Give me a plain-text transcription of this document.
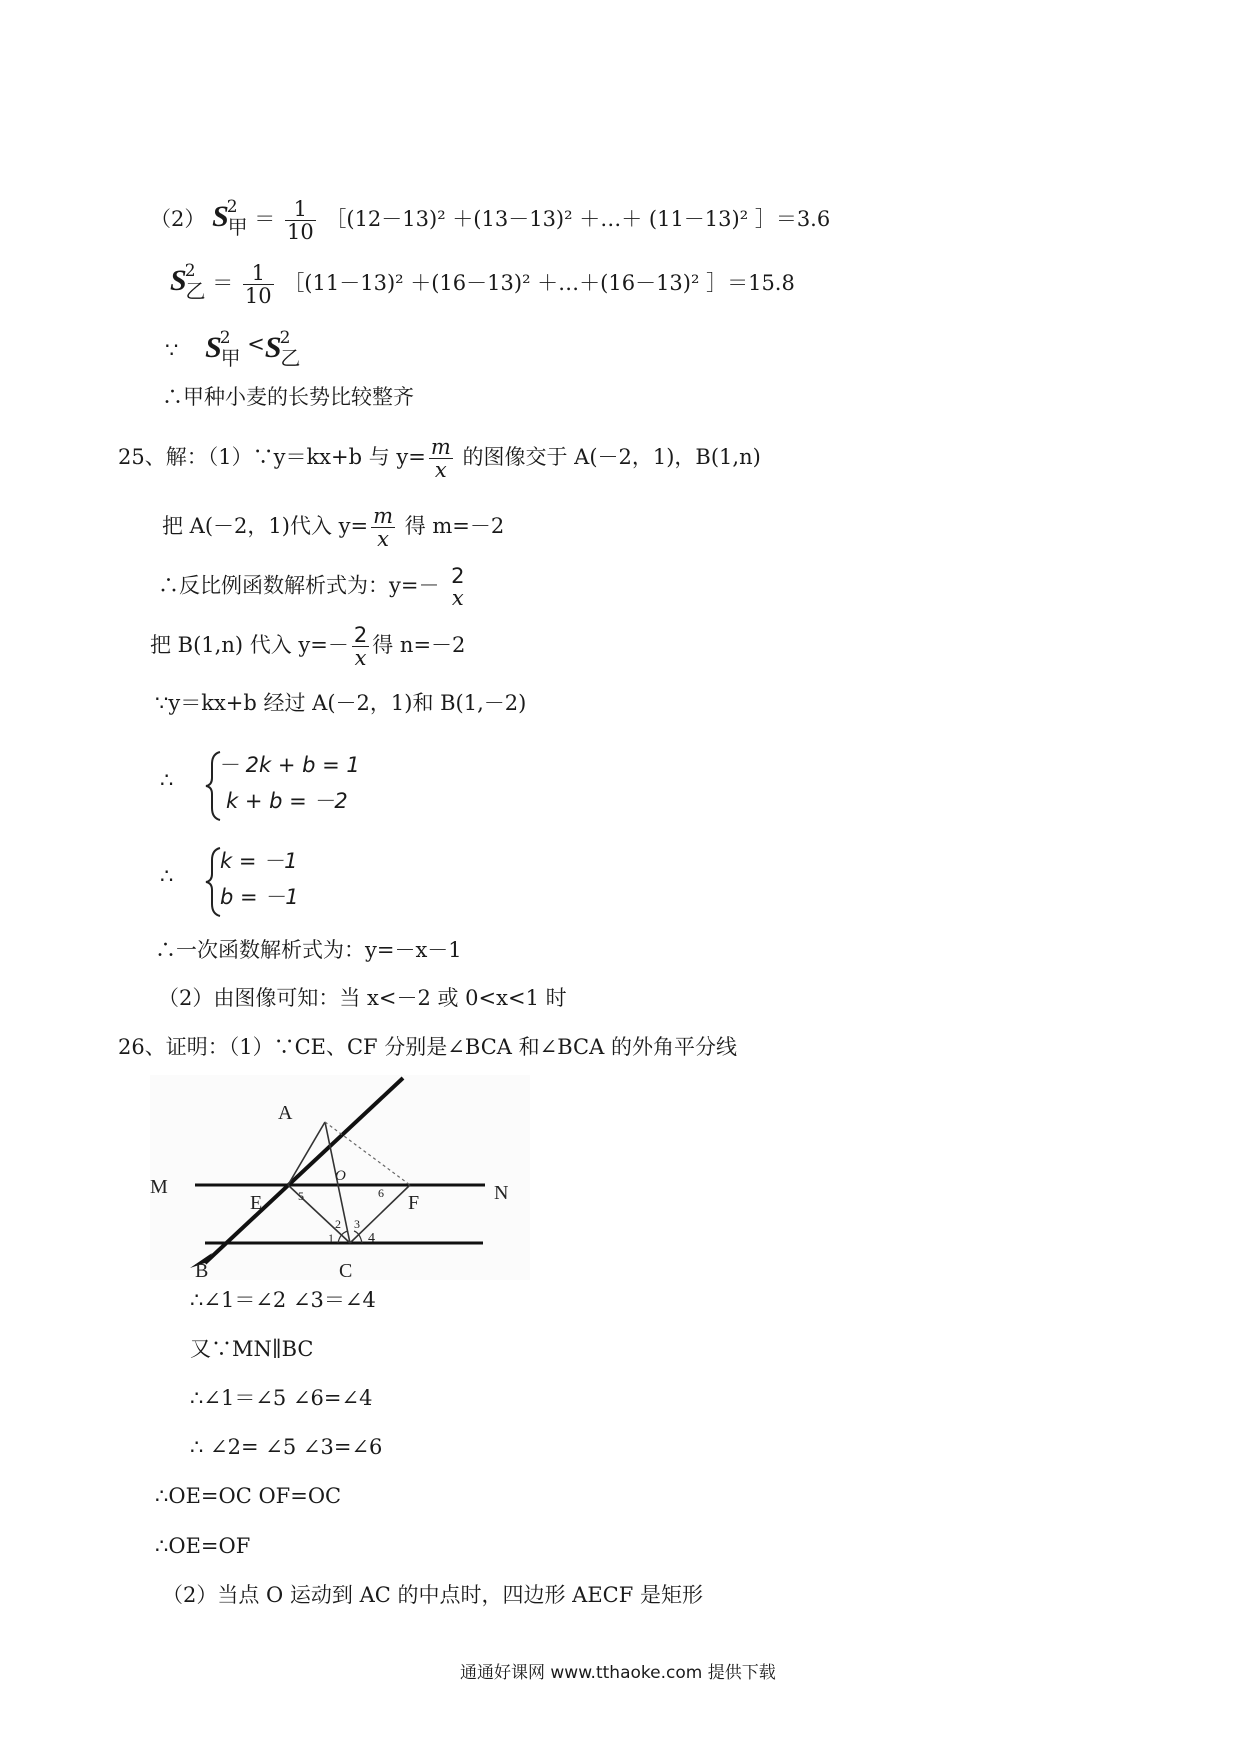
（2） $S^2$甲 ＝ $\frac{1}{10}$ ［(12－13)² ＋(13－13)² ＋…＋ (11－13)² ］＝3.6
$S^2$乙 ＝ $\frac{1}{10}$ ［(11－13)² ＋(16－13)² ＋…＋(16－13)² ］＝15.8
∵ $S^2$甲 $<S^2$乙
∴甲种小麦的长势比较整齐
25、解：（1）∵y＝kx+b 与 $y= \frac{m}{x}$ 的图像交于 A(－2，1)，B(1,n)
把 A(－2，1)代入 $y= \frac{m}{x}$ 得 m=－2
∴反比例函数解析式为：y=－ 2
x
把 B(1,n) 代入 $y=- \frac{2}{x}$ 得 n=－2
∵y＝kx+b 经过 A(－2，1)和 B(1,－2)
∴
－ 2k + b = 1
k + b = －2
∴
k = －1
b = －1
∴一次函数解析式为：y=－x－1
（2）由图像可知：当 x<－2 或 0<x<1 时
26、证明：（1）∵CE、CF 分别是∠BCA 和∠BCA 的外角平分线
A
M	N
E	F
B	C
O
1
2 3
4
5	6
∴∠1＝∠2 ∠3＝∠4
又∵MN∥BC
∴∠1＝∠5 ∠6=∠4
∴ ∠2= ∠5 ∠3=∠6
∴OE=OC OF=OC
∴OE=OF
（2）当点 O 运动到 AC 的中点时，四边形 AECF 是矩形
通通好课网 www.tthaoke.com 提供下载
